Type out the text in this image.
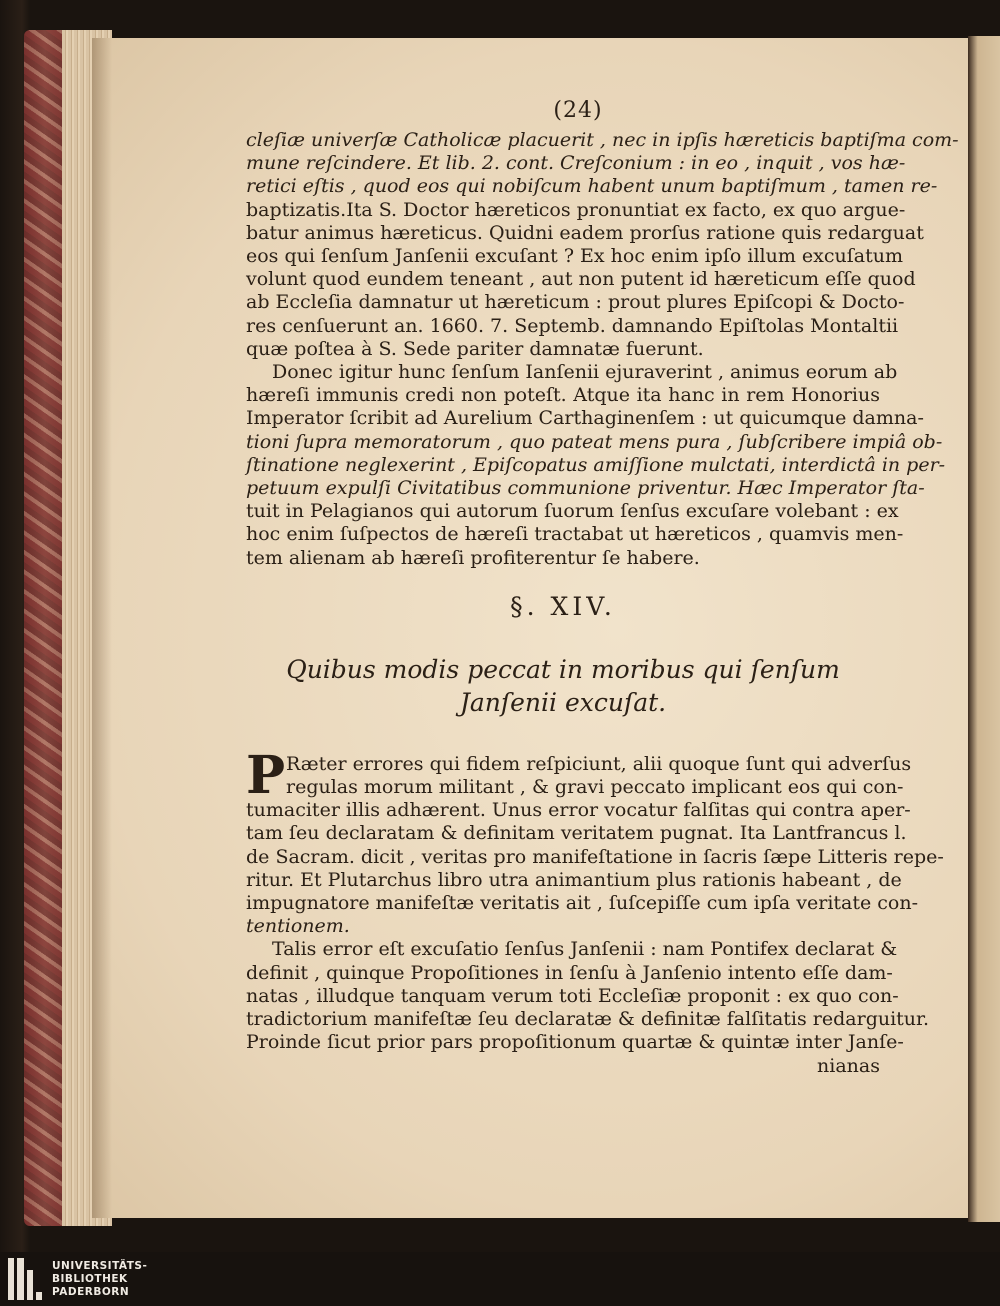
(24)
cleſiæ univerſæ Catholicæ placuerit , nec in ipſis hæreticis baptiſma com-
mune reſcindere. Et lib. 2. cont. Creſconium : in eo , inquit , vos hæ-
retici eſtis , quod eos qui nobiſcum habent unum baptiſmum , tamen re-
baptizatis.Ita S. Doctor hæreticos pronuntiat ex facto, ex quo argue-
batur animus hæreticus. Quidni eadem prorſus ratione quis redarguat
eos qui ſenſum Janſenii excuſant ? Ex hoc enim ipſo illum excuſatum
volunt quod eundem teneant , aut non putent id hæreticum eſſe quod
ab Eccleſia damnatur ut hæreticum : prout plures Epiſcopi & Docto-
res cenſuerunt an. 1660. 7. Septemb. damnando Epiſtolas Montaltii
quæ poſtea à S. Sede pariter damnatæ fuerunt.
Donec igitur hunc ſenſum Ianſenii ejuraverint , animus eorum ab
hæreſi immunis credi non poteſt. Atque ita hanc in rem Honorius
Imperator ſcribit ad Aurelium Carthaginenſem : ut quicumque damna-
tioni ſupra memoratorum , quo pateat mens pura , ſubſcribere impiâ ob-
ſtinatione neglexerint , Epiſcopatus amiſſione mulctati, interdictâ in per-
petuum expulſi Civitatibus communione priventur. Hæc Imperator ſta-
tuit in Pelagianos qui autorum ſuorum ſenſus excuſare volebant : ex
hoc enim ſuſpectos de hæreſi tractabat ut hæreticos , quamvis men-
tem alienam ab hæreſi profiterentur ſe habere.
§. XIV.
Quibus modis peccat in moribus qui ſenſum
Janſenii excuſat.
P Ræter errores qui fidem reſpiciunt, alii quoque ſunt qui adverſus
regulas morum militant , & gravi peccato implicant eos qui con-
tumaciter illis adhærent. Unus error vocatur falſitas qui contra aper-
tam ſeu declaratam & definitam veritatem pugnat. Ita Lantfrancus l.
de Sacram. dicit , veritas pro manifeſtatione in ſacris ſæpe Litteris repe-
ritur. Et Plutarchus libro utra animantium plus rationis habeant , de
impugnatore manifeſtæ veritatis ait , ſuſcepiſſe cum ipſa veritate con-
tentionem.
Talis error eſt excuſatio ſenſus Janſenii : nam Pontifex declarat &
definit , quinque Propoſitiones in ſenſu à Janſenio intento eſſe dam-
natas , illudque tanquam verum toti Eccleſiæ proponit : ex quo con-
tradictorium manifeſtæ ſeu declaratæ & definitæ falſitatis redarguitur.
Proinde ſicut prior pars propoſitionum quartæ & quintæ inter Janſe-
nianas
UNIVERSITÄTS-
BIBLIOTHEK
PADERBORN
